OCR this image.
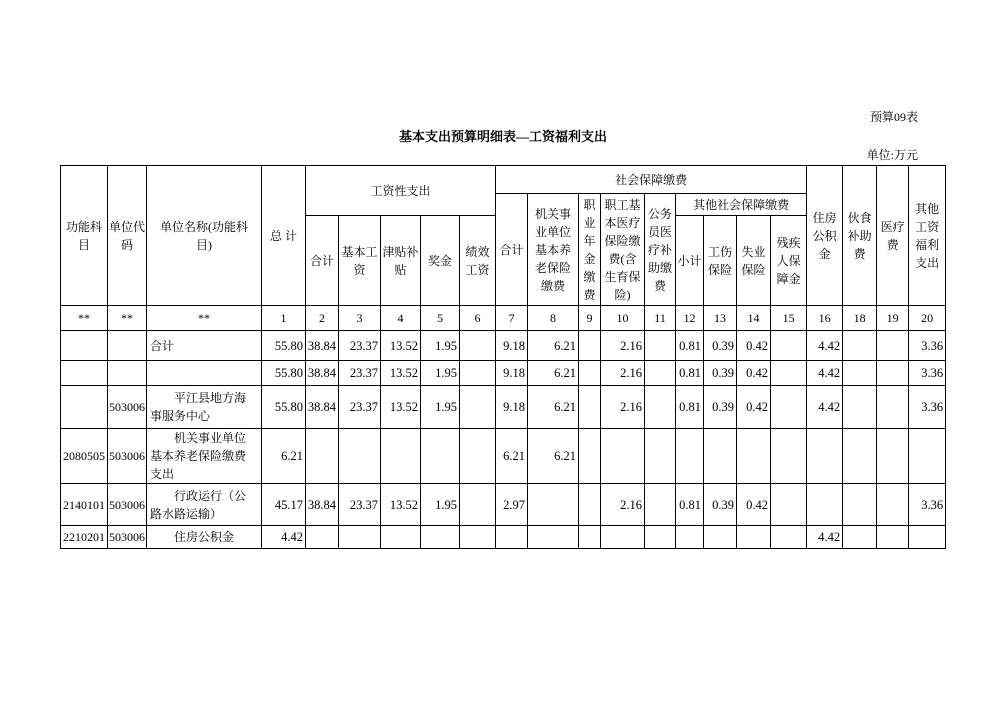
预算09表
基本支出预算明细表—工资福利支出
单位:万元
功能科目	单位代码	单位名称(功能科目)	总 计	工资性支出					社会保障缴费									住房公积金	伙食补助费	医疗费	其他工资福利支出
									合计	机关事业单位基本养老保险缴费	职业年金缴费	职工基本医疗保险缴费(含生育保险)	公务员医疗补助缴费	其他社会保障缴费							
				合计	基本工资	津贴补贴	奖金	绩效工资						小计	工伤保险	失业保险	残疾人保障金				
**	**	**	1	2	3	4	5	6	7	8	9	10	11	12	13	14	15	16	18	19	20
		合计	55.80	38.84	23.37	13.52	1.95		9.18	6.21		2.16		0.81	0.39	0.42		4.42			3.36
			55.80	38.84	23.37	13.52	1.95		9.18	6.21		2.16		0.81	0.39	0.42		4.42			3.36
	503006	平江县地方海事服务中心	55.80	38.84	23.37	13.52	1.95		9.18	6.21		2.16		0.81	0.39	0.42		4.42			3.36
2080505	503006	机关事业单位基本养老保险缴费支出	6.21						6.21	6.21											
2140101	503006	行政运行（公路水路运输）	45.17	38.84	23.37	13.52	1.95		2.97			2.16		0.81	0.39	0.42					3.36
2210201	503006	住房公积金	4.42															4.42			
